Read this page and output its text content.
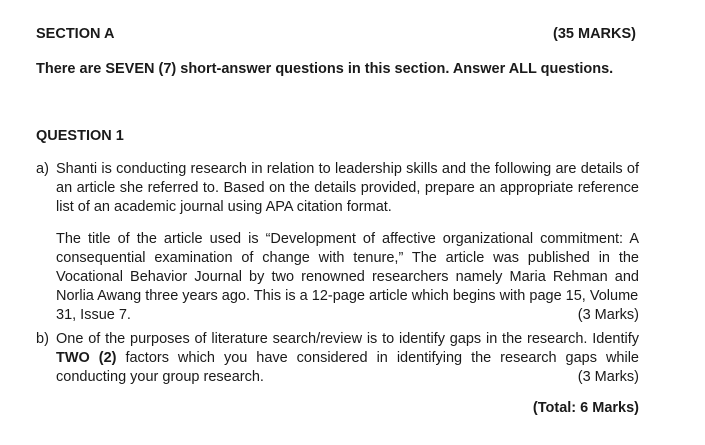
SECTION A	(35 MARKS)
There are SEVEN (7) short-answer questions in this section. Answer ALL questions.
QUESTION 1
a) Shanti is conducting research in relation to leadership skills and the following are details of an article she referred to. Based on the details provided, prepare an appropriate reference list of an academic journal using APA citation format.
The title of the article used is “Development of affective organizational commitment: A consequential examination of change with tenure,” The article was published in the Vocational Behavior Journal by two renowned researchers namely Maria Rehman and Norlia Awang three years ago. This is a 12-page article which begins with page 15, Volume
31, Issue 7.	(3 Marks)
b) One of the purposes of literature search/review is to identify gaps in the research. Identify
TWO (2) factors which you have considered in identifying the research gaps while
conducting your group research.	(3 Marks)
(Total: 6 Marks)
